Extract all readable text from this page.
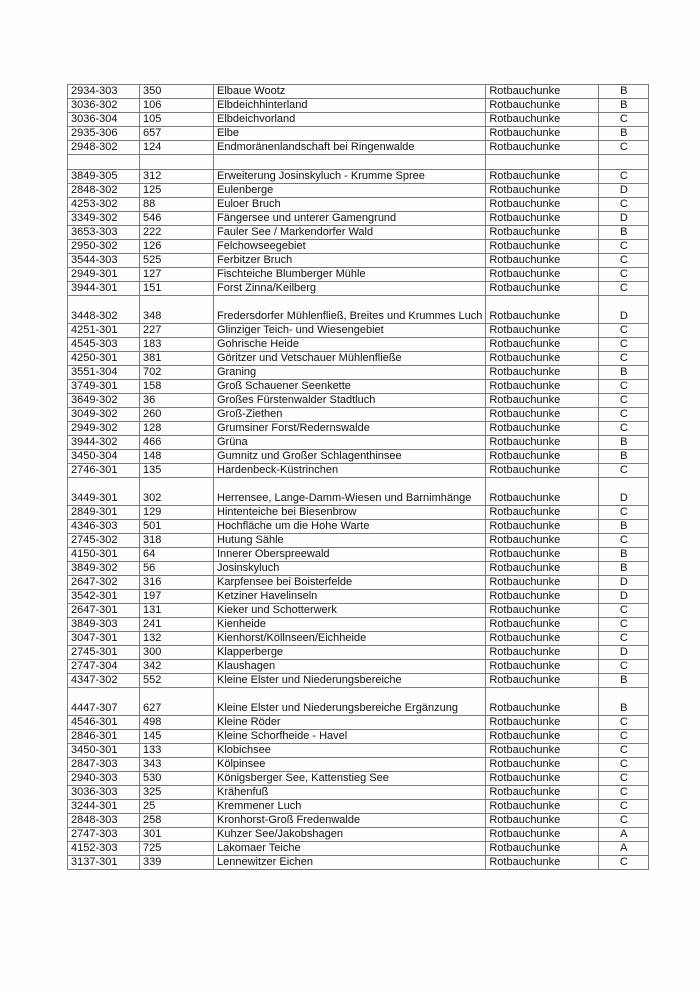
2934-303	350	Elbaue Wootz	Rotbauchunke	B
3036-302	106	Elbdeichhinterland	Rotbauchunke	B
3036-304	105	Elbdeichvorland	Rotbauchunke	C
2935-306	657	Elbe	Rotbauchunke	B
2948-302	124	Endmoränenlandschaft bei Ringenwalde	Rotbauchunke	C

3849-305	312	Erweiterung Josinskyluch - Krumme Spree	Rotbauchunke	C
2848-302	125	Eulenberge	Rotbauchunke	D
4253-302	88	Euloer Bruch	Rotbauchunke	C
3349-302	546	Fängersee und unterer Gamengrund	Rotbauchunke	D
3653-303	222	Fauler See / Markendorfer Wald	Rotbauchunke	B
2950-302	126	Felchowseegebiet	Rotbauchunke	C
3544-303	525	Ferbitzer Bruch	Rotbauchunke	C
2949-301	127	Fischteiche Blumberger Mühle	Rotbauchunke	C
3944-301	151	Forst Zinna/Keilberg	Rotbauchunke	C
3448-302	348	Fredersdorfer Mühlenfließ, Breites und Krummes Luch	Rotbauchunke	D
4251-301	227	Glinziger Teich- und Wiesengebiet	Rotbauchunke	C
4545-303	183	Gohrische Heide	Rotbauchunke	C
4250-301	381	Göritzer und Vetschauer Mühlenfließe	Rotbauchunke	C
3551-304	702	Graning	Rotbauchunke	B
3749-301	158	Groß Schauener Seenkette	Rotbauchunke	C
3649-302	36	Großes Fürstenwalder Stadtluch	Rotbauchunke	C
3049-302	260	Groß-Ziethen	Rotbauchunke	C
2949-302	128	Grumsiner Forst/Redernswalde	Rotbauchunke	C
3944-302	466	Grüna	Rotbauchunke	B
3450-304	148	Gumnitz und Großer Schlagenthinsee	Rotbauchunke	B
2746-301	135	Hardenbeck-Küstrinchen	Rotbauchunke	C
3449-301	302	Herrensee, Lange-Damm-Wiesen und Barnimhänge	Rotbauchunke	D
2849-301	129	Hintenteiche bei Biesenbrow	Rotbauchunke	C
4346-303	501	Hochfläche um die Hohe Warte	Rotbauchunke	B
2745-302	318	Hutung Sähle	Rotbauchunke	C
4150-301	64	Innerer Oberspreewald	Rotbauchunke	B
3849-302	56	Josinskyluch	Rotbauchunke	B
2647-302	316	Karpfensee bei Boisterfelde	Rotbauchunke	D
3542-301	197	Ketziner Havelinseln	Rotbauchunke	D
2647-301	131	Kieker und Schotterwerk	Rotbauchunke	C
3849-303	241	Kienheide	Rotbauchunke	C
3047-301	132	Kienhorst/Köllnseen/Eichheide	Rotbauchunke	C
2745-301	300	Klapperberge	Rotbauchunke	D
2747-304	342	Klaushagen	Rotbauchunke	C
4347-302	552	Kleine Elster und Niederungsbereiche	Rotbauchunke	B
4447-307	627	Kleine Elster und Niederungsbereiche Ergänzung	Rotbauchunke	B
4546-301	498	Kleine Röder	Rotbauchunke	C
2846-301	145	Kleine Schorfheide - Havel	Rotbauchunke	C
3450-301	133	Klobichsee	Rotbauchunke	C
2847-303	343	Kölpinsee	Rotbauchunke	C
2940-303	530	Königsberger See, Kattenstieg See	Rotbauchunke	C
3036-303	325	Krähenfuß	Rotbauchunke	C
3244-301	25	Kremmener Luch	Rotbauchunke	C
2848-303	258	Kronhorst-Groß Fredenwalde	Rotbauchunke	C
2747-303	301	Kuhzer See/Jakobshagen	Rotbauchunke	A
4152-303	725	Lakomaer Teiche	Rotbauchunke	A
3137-301	339	Lennewitzer Eichen	Rotbauchunke	C
